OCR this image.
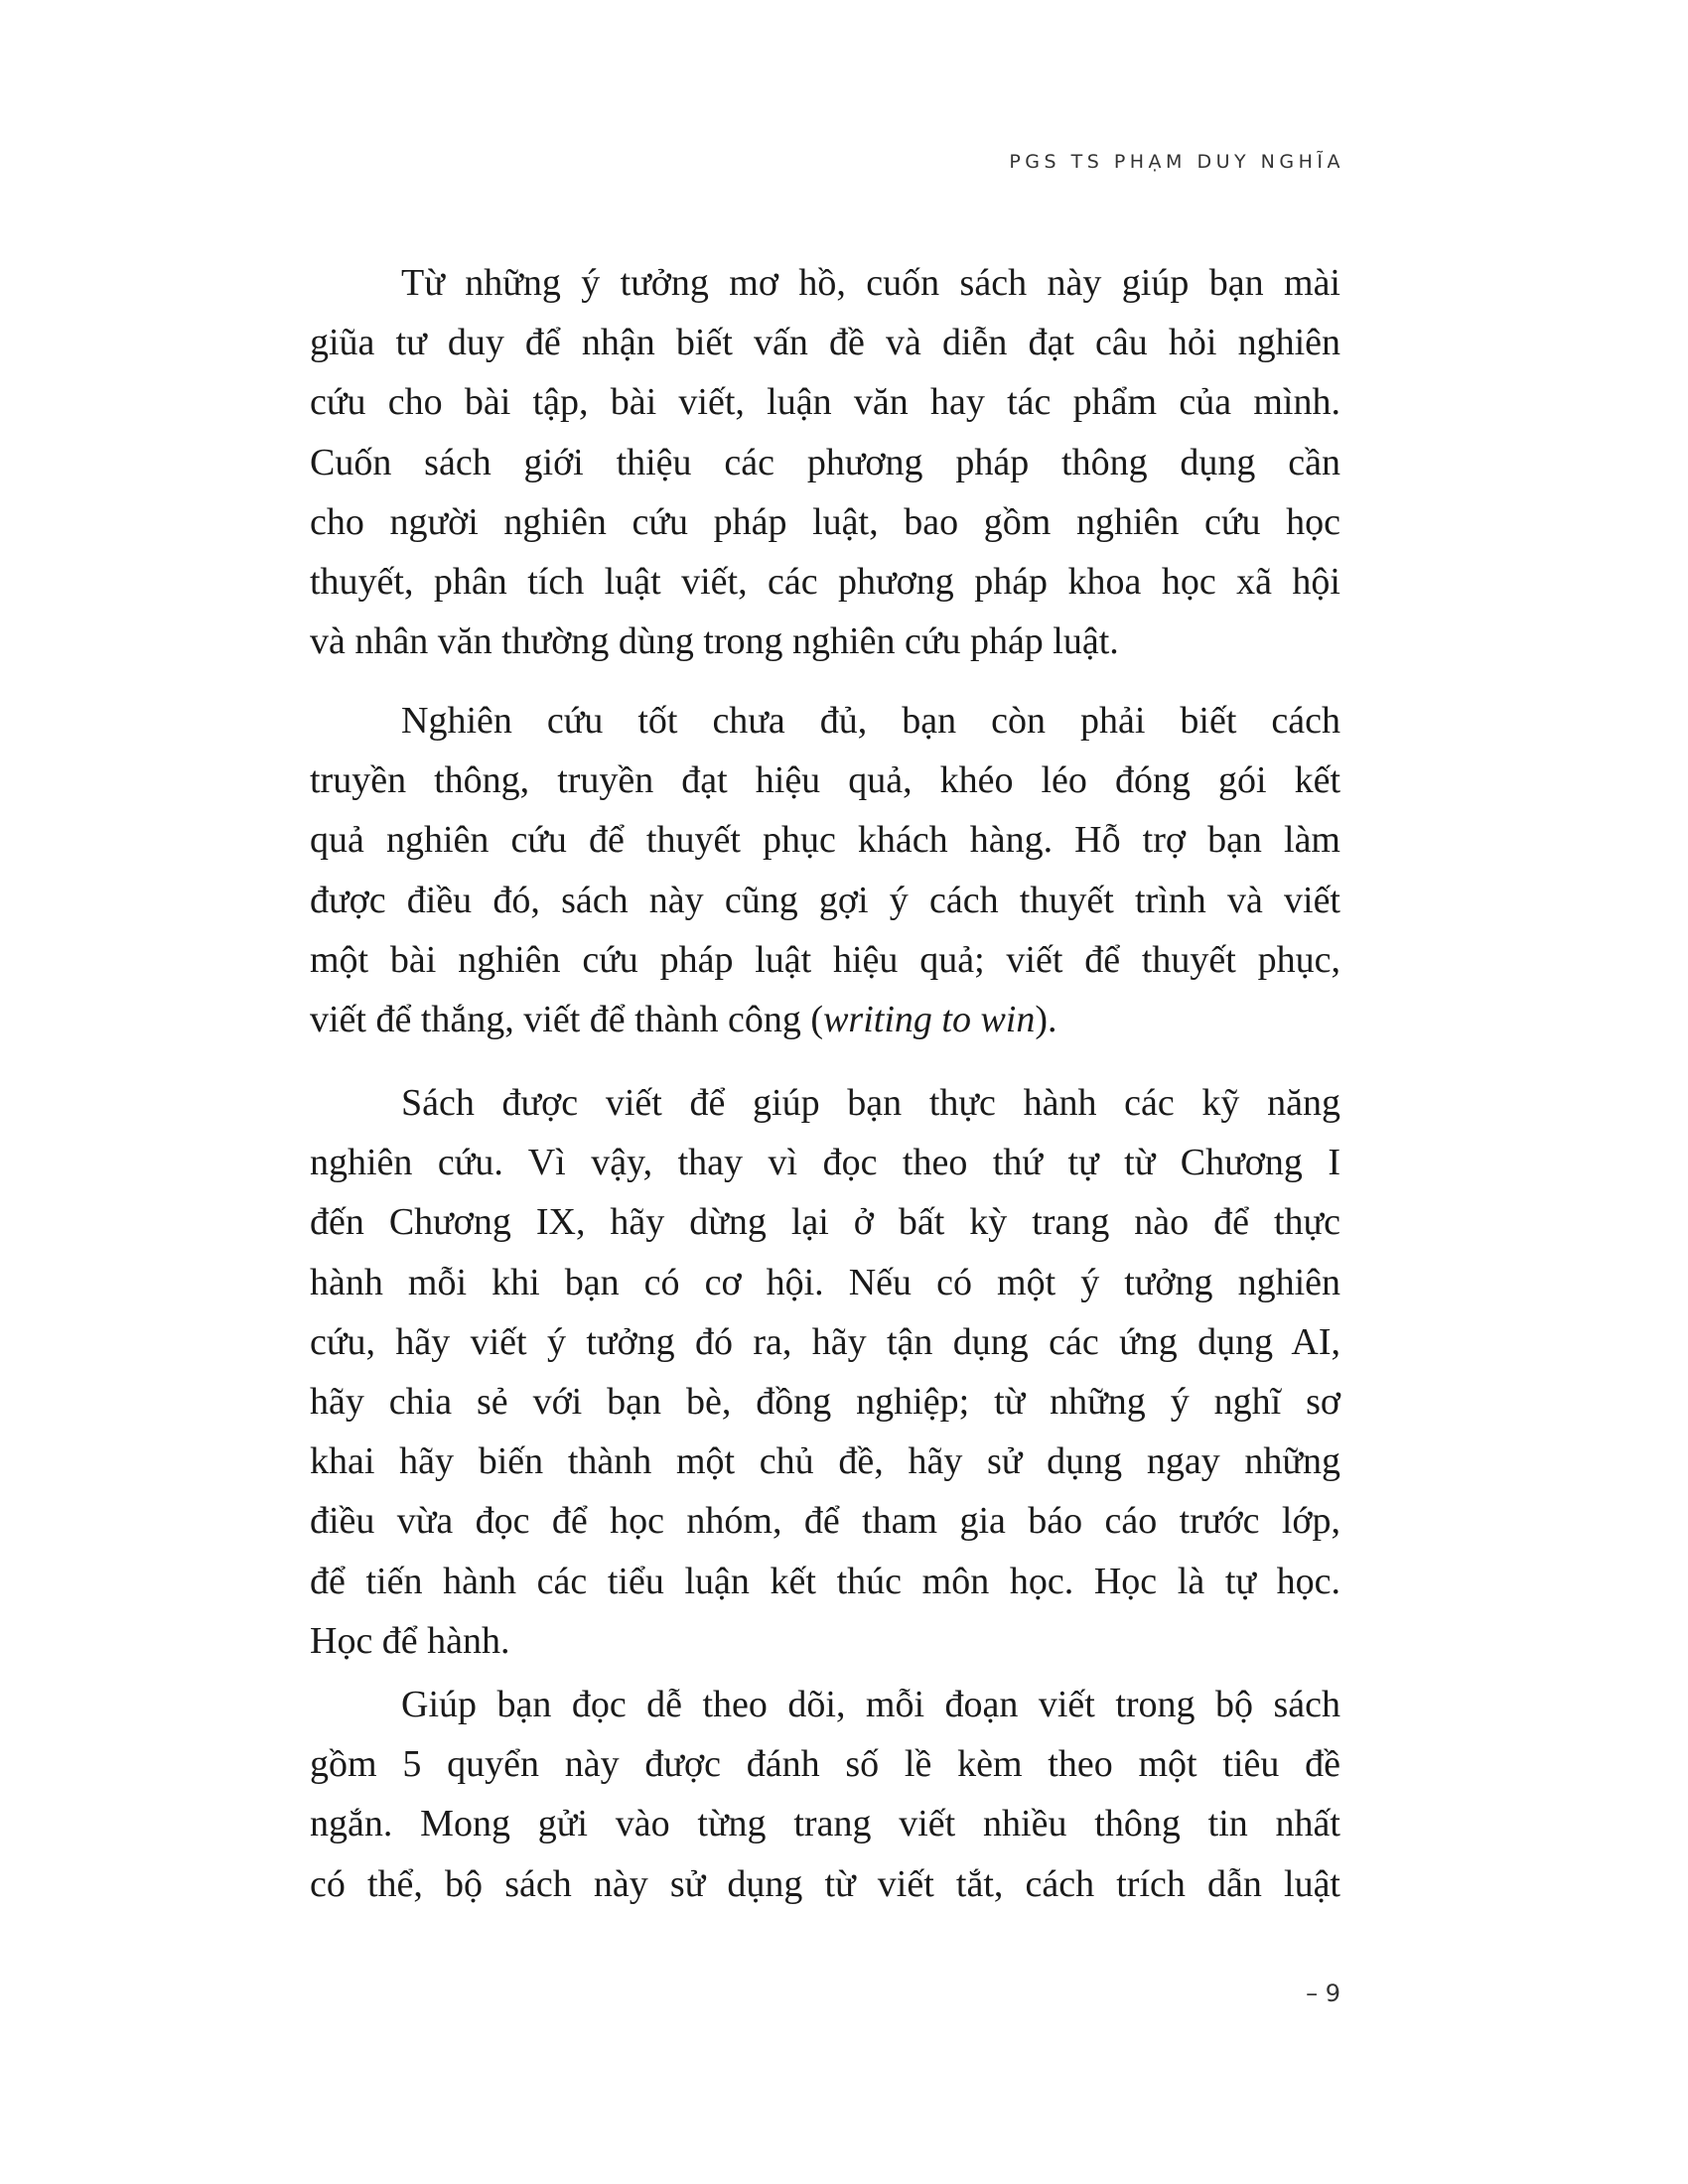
PGS TS PHẠM DUY NGHĨA
Từ những ý tưởng mơ hồ, cuốn sách này giúp bạn mài
giũa tư duy để nhận biết vấn đề và diễn đạt câu hỏi nghiên
cứu cho bài tập, bài viết, luận văn hay tác phẩm của mình.
Cuốn sách giới thiệu các phương pháp thông dụng cần
cho người nghiên cứu pháp luật, bao gồm nghiên cứu học
thuyết, phân tích luật viết, các phương pháp khoa học xã hội
và nhân văn thường dùng trong nghiên cứu pháp luật.
Nghiên cứu tốt chưa đủ, bạn còn phải biết cách
truyền thông, truyền đạt hiệu quả, khéo léo đóng gói kết
quả nghiên cứu để thuyết phục khách hàng. Hỗ trợ bạn làm
được điều đó, sách này cũng gợi ý cách thuyết trình và viết
một bài nghiên cứu pháp luật hiệu quả; viết để thuyết phục,
viết để thắng, viết để thành công (writing to win).
Sách được viết để giúp bạn thực hành các kỹ năng
nghiên cứu. Vì vậy, thay vì đọc theo thứ tự từ Chương I
đến Chương IX, hãy dừng lại ở bất kỳ trang nào để thực
hành mỗi khi bạn có cơ hội. Nếu có một ý tưởng nghiên
cứu, hãy viết ý tưởng đó ra, hãy tận dụng các ứng dụng AI,
hãy chia sẻ với bạn bè, đồng nghiệp; từ những ý nghĩ sơ
khai hãy biến thành một chủ đề, hãy sử dụng ngay những
điều vừa đọc để học nhóm, để tham gia báo cáo trước lớp,
để tiến hành các tiểu luận kết thúc môn học. Học là tự học.
Học để hành.
Giúp bạn đọc dễ theo dõi, mỗi đoạn viết trong bộ sách
gồm 5 quyển này được đánh số lề kèm theo một tiêu đề
ngắn. Mong gửi vào từng trang viết nhiều thông tin nhất
có thể, bộ sách này sử dụng từ viết tắt, cách trích dẫn luật
– 9
